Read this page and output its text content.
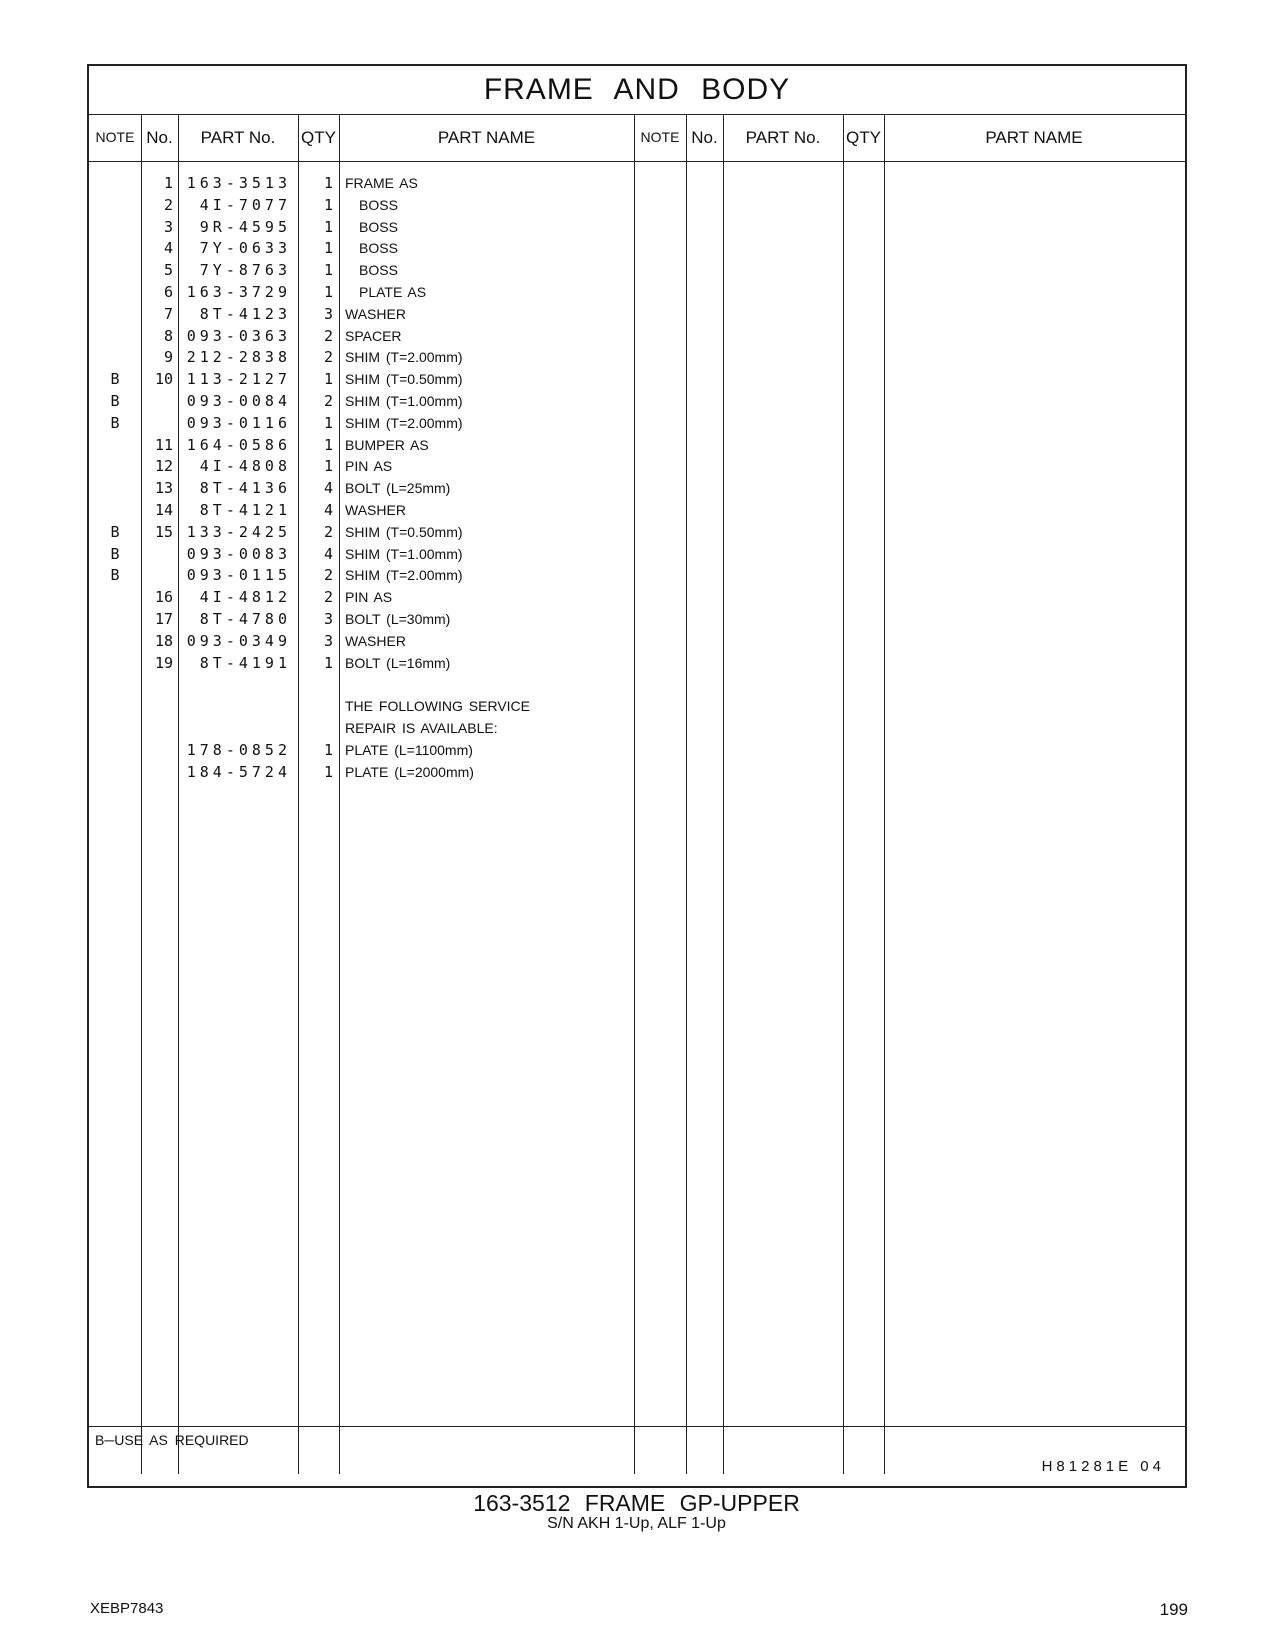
FRAME AND BODY
NOTE No.	PART No.	QTY	PART NAME	NOTE No.	PART No.	QTY	PART NAME
1 163-3513	1 FRAME AS
2	4I-7077	1 BOSS
3	9R-4595	1 BOSS
4	7Y-0633	1 BOSS
5	7Y-8763	1 BOSS
6 163-3729	1 PLATE AS
7	8T-4123	3 WASHER
8 093-0363	2 SPACER
9 212-2838	2 SHIM (T=2.00mm)
B	10 113-2127	1 SHIM (T=0.50mm)
B	093-0084	2 SHIM (T=1.00mm)
B	093-0116	1 SHIM (T=2.00mm)
11 164-0586	1 BUMPER AS
12	4I-4808	1 PIN AS
13	8T-4136	4 BOLT (L=25mm)
14	8T-4121	4 WASHER
B	15 133-2425	2 SHIM (T=0.50mm)
B	093-0083	4 SHIM (T=1.00mm)
B	093-0115	2 SHIM (T=2.00mm)
16	4I-4812	2 PIN AS
17	8T-4780	3 BOLT (L=30mm)
18 093-0349	3 WASHER
19	8T-4191	1 BOLT (L=16mm)
THE FOLLOWING SERVICE
REPAIR IS AVAILABLE:
178-0852	1 PLATE (L=1100mm)
184-5724	1 PLATE (L=2000mm)
B─USE AS REQUIRED
H81281E 04
163-3512 FRAME GP-UPPER
S/N AKH 1-Up, ALF 1-Up
XEBP7843	199
